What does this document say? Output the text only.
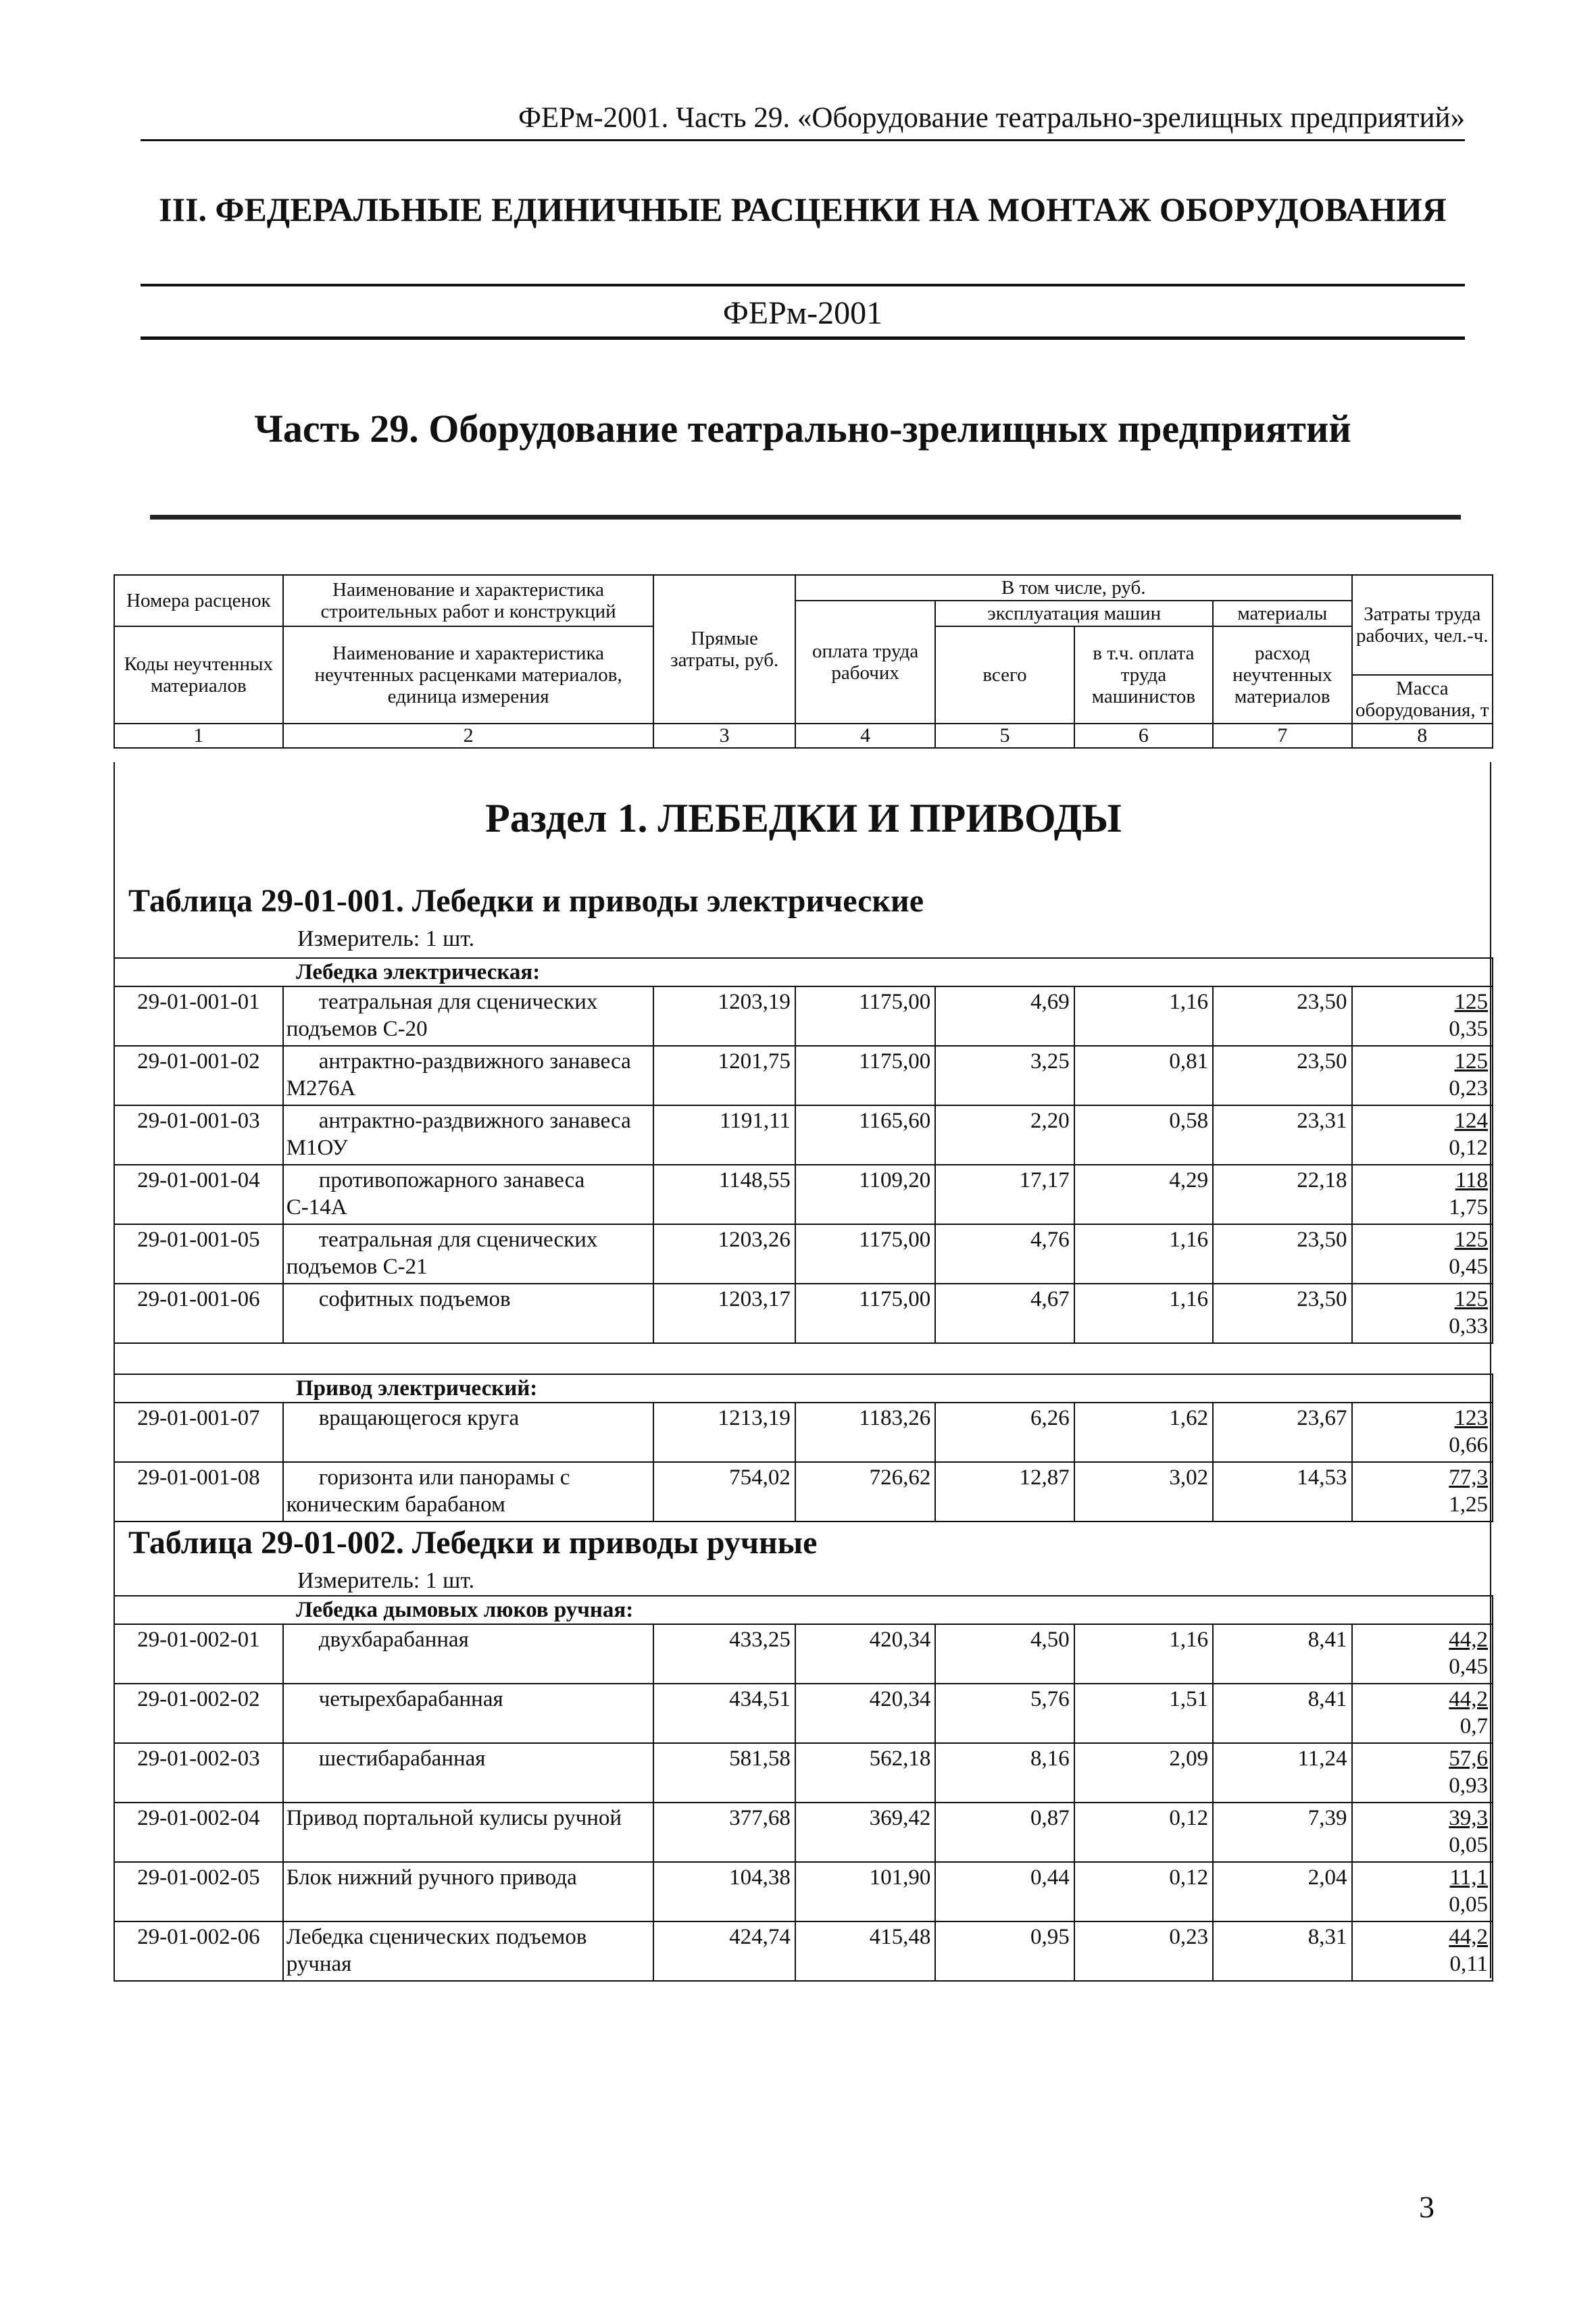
ФЕРм-2001. Часть 29. «Оборудование театрально-зрелищных предприятий»
III. ФЕДЕРАЛЬНЫЕ ЕДИНИЧНЫЕ РАСЦЕНКИ НА МОНТАЖ ОБОРУДОВАНИЯ
ФЕРм-2001
Часть 29. Оборудование театрально-зрелищных предприятий
Номера расценок	Наименование и характеристика строительных работ и конструкций	Прямые затраты, руб.	В том числе, руб.				Затраты труда рабочих, чел.-ч.
			оплата труда рабочих	эксплуатация машин		материалы	
Коды неучтенных материалов	Наименование и характеристика неучтенных расценками материалов, единица измерения			всего	в т.ч. оплата труда машинистов	расход неучтенных материалов	
							Масса оборудования, т
1	2	3	4	5	6	7	8
Раздел 1. ЛЕБЕДКИ И ПРИВОДЫ
Таблица 29-01-001. Лебедки и приводы электрические
Измеритель: 1 шт.

Лебедка электрическая:							
29-01-001-01	театральная для сценических подъемов С-20	1203,19	1175,00	4,69	1,16	23,50	125
0,35

29-01-001-02	антрактно-раздвижного занавеса М276А	1201,75	1175,00	3,25	0,81	23,50	125
0,23

29-01-001-03	антрактно-раздвижного занавеса М1ОУ	1191,11	1165,60	2,20	0,58	23,31	124
0,12

29-01-001-04	противопожарного занавеса С-14А	1148,55	1109,20	17,17	4,29	22,18	118
1,75

29-01-001-05	театральная для сценических подъемов С-21	1203,26	1175,00	4,76	1,16	23,50	125
0,45

29-01-001-06	софитных подъемов	1203,17	1175,00	4,67	1,16	23,50	125
0,33

Привод электрический:							
29-01-001-07	вращающегося круга	1213,19	1183,26	6,26	1,62	23,67	123
0,66

29-01-001-08	горизонта или панорамы с коническим барабаном	754,02	726,62	12,87	3,02	14,53	77,3
1,25
Таблица 29-01-002. Лебедки и приводы ручные
Измеритель: 1 шт.

Лебедка дымовых люков ручная:							
29-01-002-01	двухбарабанная	433,25	420,34	4,50	1,16	8,41	44,2
0,45

29-01-002-02	четырехбарабанная	434,51	420,34	5,76	1,51	8,41	44,2
0,7

29-01-002-03	шестибарабанная	581,58	562,18	8,16	2,09	11,24	57,6
0,93

29-01-002-04	Привод портальной кулисы ручной	377,68	369,42	0,87	0,12	7,39	39,3
0,05

29-01-002-05	Блок нижний ручного привода	104,38	101,90	0,44	0,12	2,04	11,1
0,05

29-01-002-06	Лебедка сценических подъемов ручная	424,74	415,48	0,95	0,23	8,31	44,2
0,11
3
